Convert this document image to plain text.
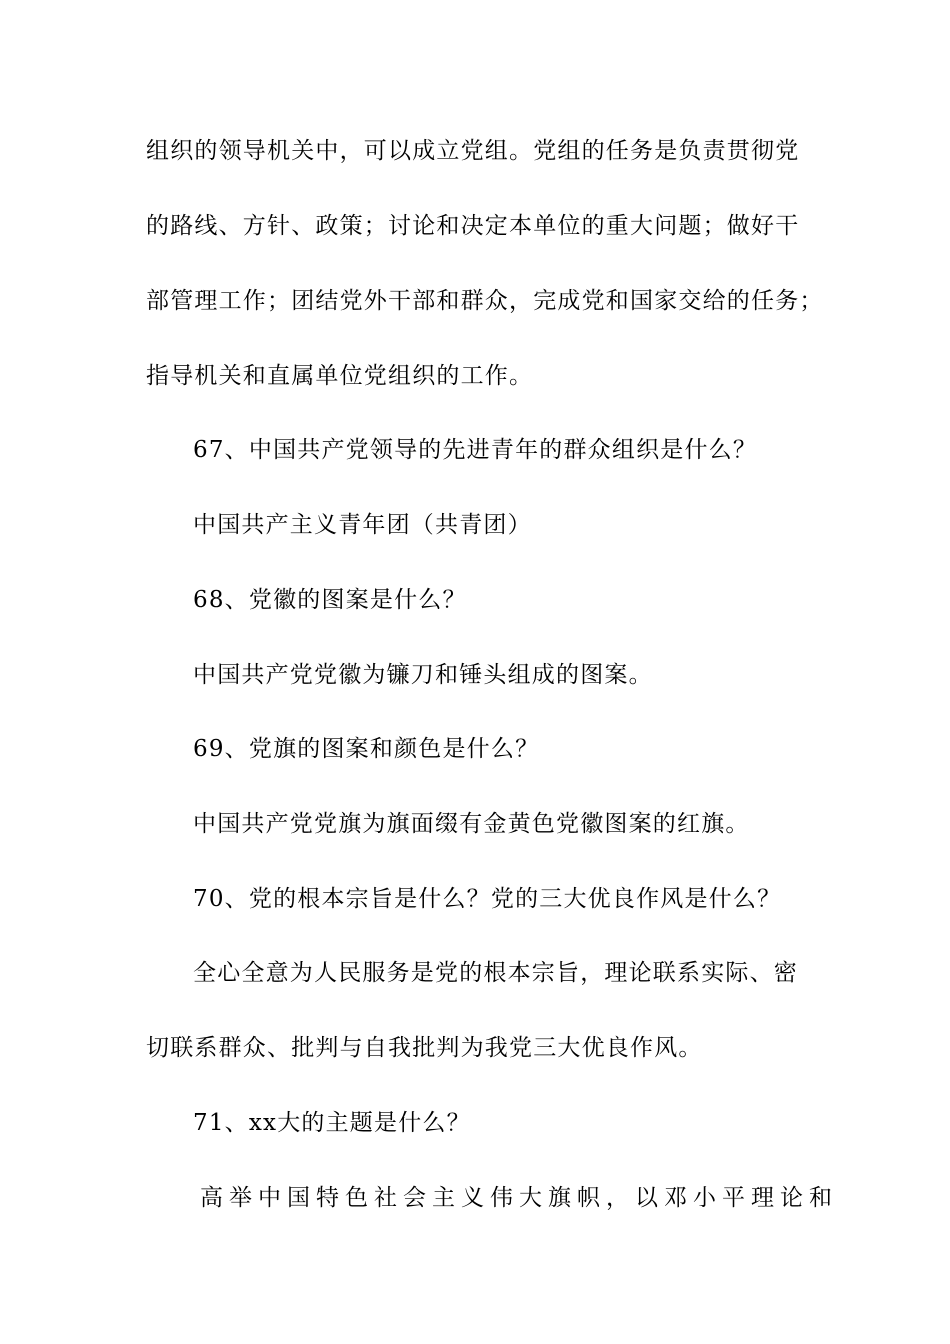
组织的领导机关中，可以成立党组。党组的任务是负责贯彻党
的路线、方针、政策；讨论和决定本单位的重大问题；做好干
部管理工作；团结党外干部和群众，完成党和国家交给的任务；
指导机关和直属单位党组织的工作。
67、中国共产党领导的先进青年的群众组织是什么？
中国共产主义青年团（共青团）
68、党徽的图案是什么？
中国共产党党徽为镰刀和锤头组成的图案。
69、党旗的图案和颜色是什么？
中国共产党党旗为旗面缀有金黄色党徽图案的红旗。
70、党的根本宗旨是什么？党的三大优良作风是什么？
全心全意为人民服务是党的根本宗旨，理论联系实际、密
切联系群众、批判与自我批判为我党三大优良作风。
71、xx大的主题是什么？
高举中国特色社会主义伟大旗帜，以邓小平理论和
